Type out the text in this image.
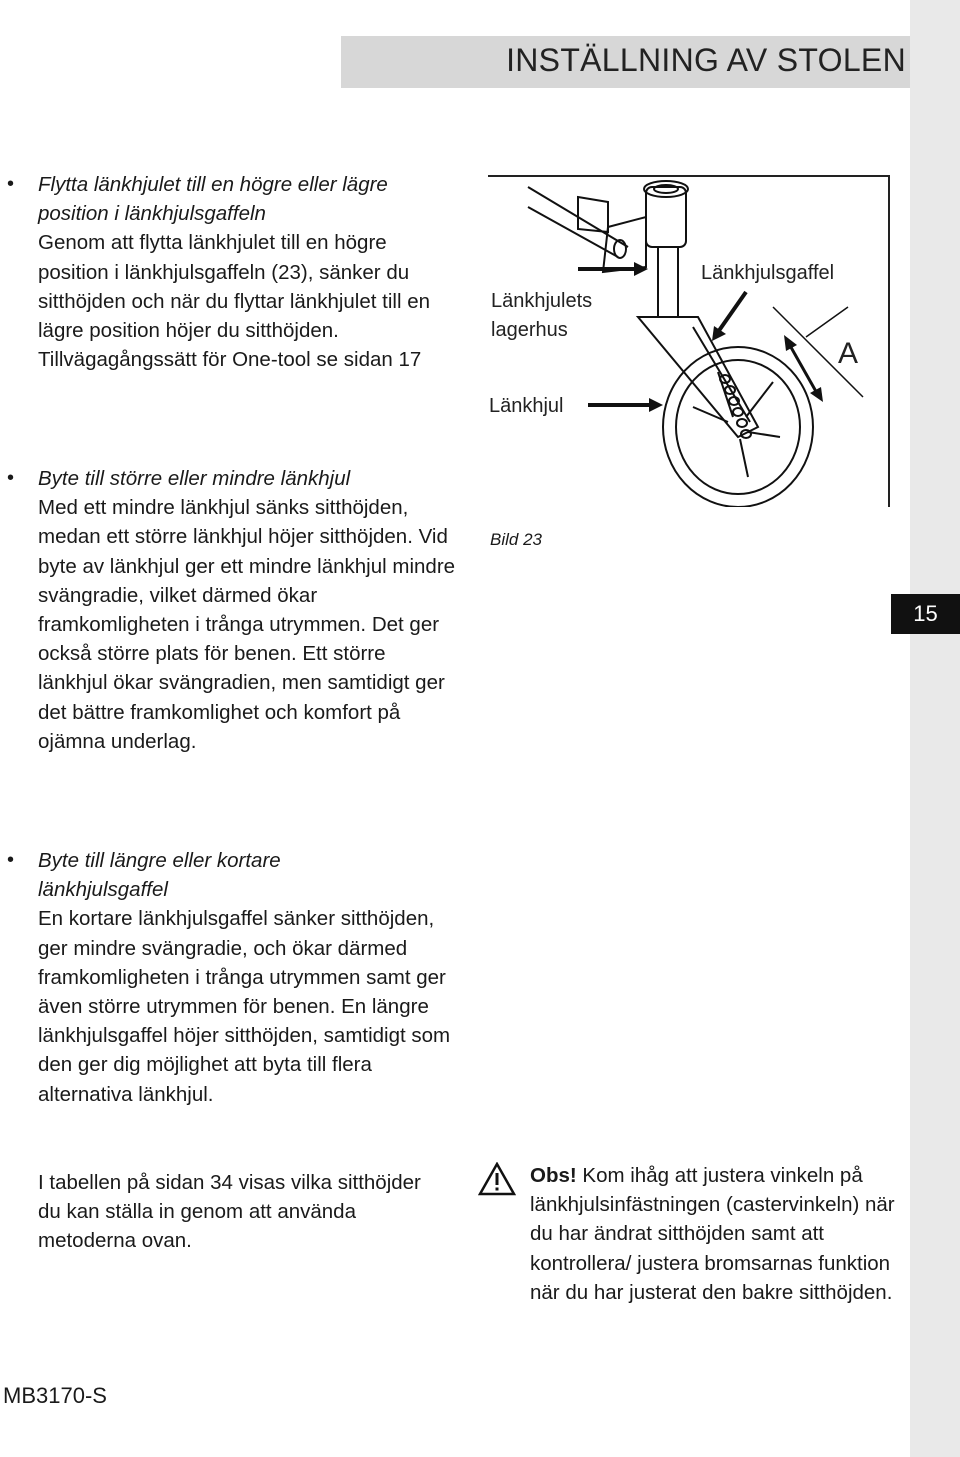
INSTÄLLNING AV STOLEN
15
• Flytta länkhjulet till en högre eller lägre position i länkhjulsgaffeln
Genom att flytta länkhjulet till en högre position i länkhjulsgaffeln (23), sänker du sitthöjden och när du flyttar länkhjulet till en lägre position höjer du sitthöjden.
Tillvägagångssätt för One-tool se sidan 17

• Byte till större eller mindre länkhjul
Med ett mindre länkhjul sänks sitthöjden, medan ett större länkhjul höjer sitthöjden. Vid byte av länkhjul ger ett mindre länkhjul mindre svängradie, vilket därmed ökar framkomligheten i trånga utrymmen. Det ger också större plats för benen. Ett större länkhjul ökar svängradien, men samtidigt ger det bättre framkomlighet och komfort på ojämna underlag.

• Byte till längre eller kortare länkhjulsgaffel
En kortare länkhjulsgaffel sänker sitthöjden, ger mindre svängradie, och ökar därmed framkomligheten i trånga utrymmen samt ger även större utrymmen för benen. En längre länkhjulsgaffel höjer sitthöjden, samtidigt som den ger dig möjlighet att byta till flera alternativa länkhjul.

I tabellen på sidan 34 visas vilka sitthöjder du kan ställa in genom att använda metoderna ovan.

Länkhjulsgaffel
Länkhjulets
lagerhus
Länkhjul
A
Bild 23

Obs! Kom ihåg att justera vinkeln på länkhjulsinfästningen (castervinkeln) när du har ändrat sitthöjden samt att kontrollera/ justera bromsarnas funktion när du har justerat den bakre sitthöjden.

MB3170-S
